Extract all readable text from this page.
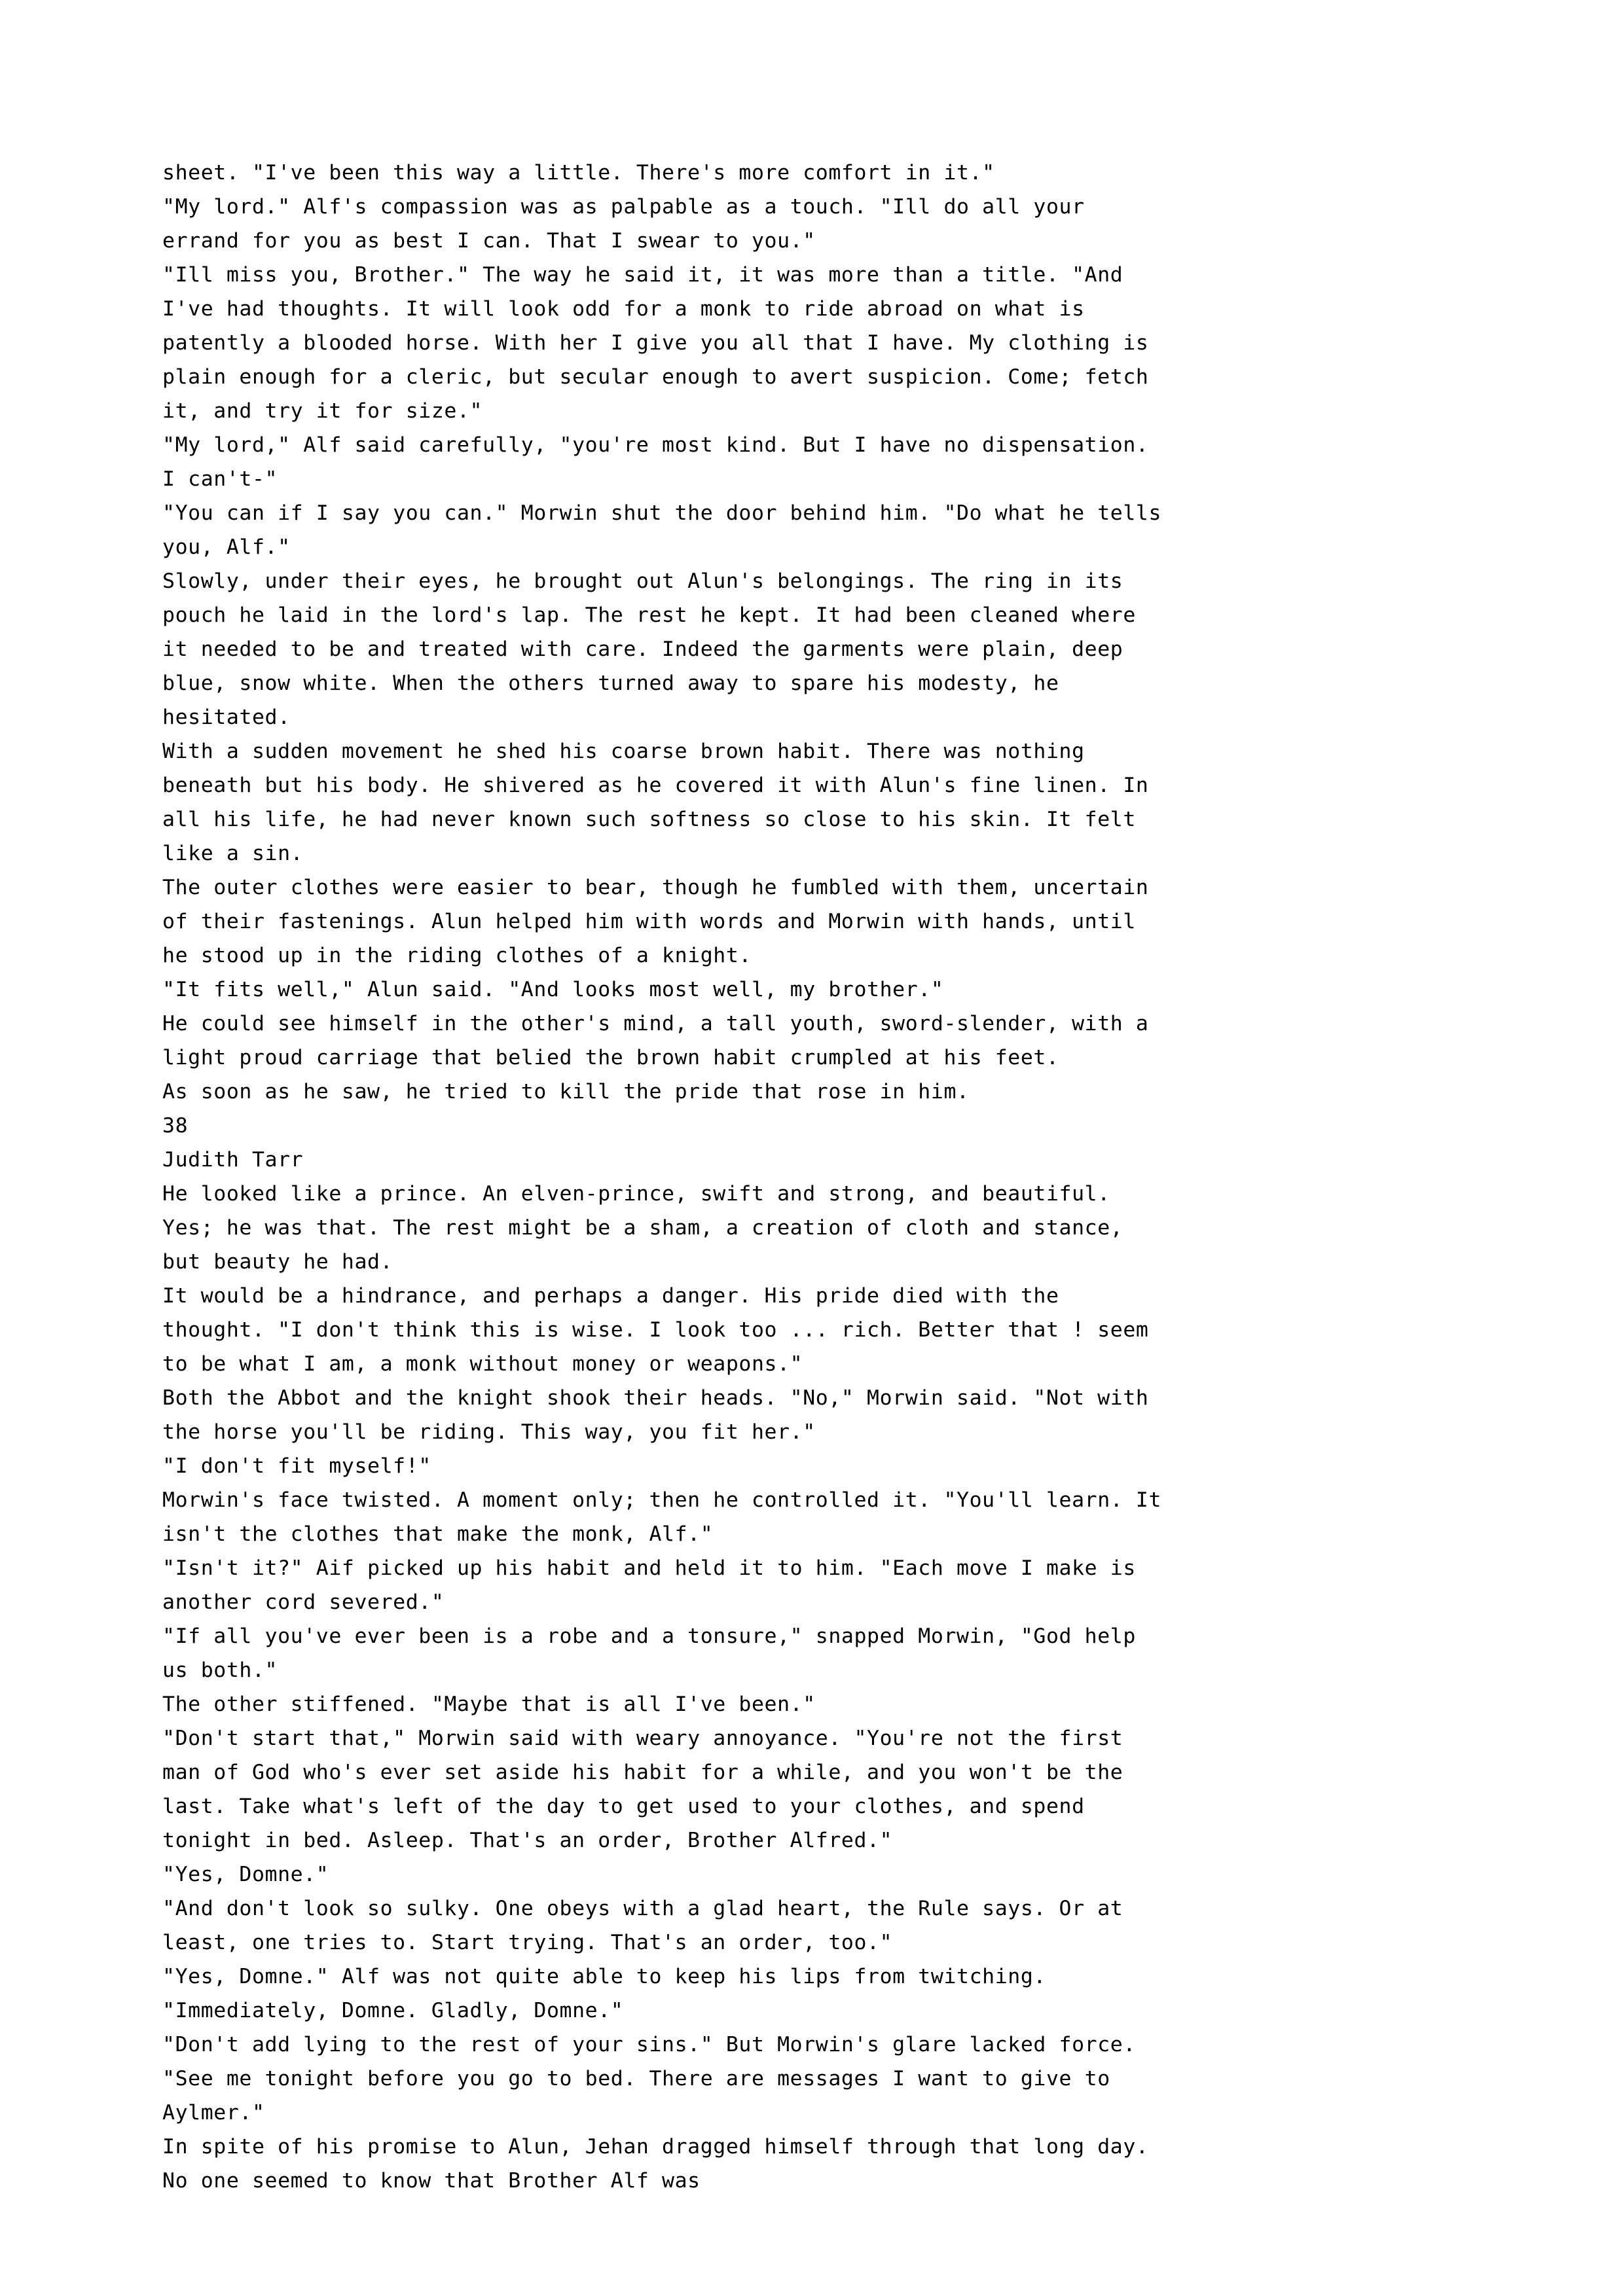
sheet. "I've been this way a little. There's more comfort in it."
"My lord." Alf's compassion was as palpable as a touch. "Ill do all your
errand for you as best I can. That I swear to you."
"Ill miss you, Brother." The way he said it, it was more than a title. "And
I've had thoughts. It will look odd for a monk to ride abroad on what is
patently a blooded horse. With her I give you all that I have. My clothing is
plain enough for a cleric, but secular enough to avert suspicion. Come; fetch
it, and try it for size."
"My lord," Alf said carefully, "you're most kind. But I have no dispensation.
I can't-"
"You can if I say you can." Morwin shut the door behind him. "Do what he tells
you, Alf."
Slowly, under their eyes, he brought out Alun's belongings. The ring in its
pouch he laid in the lord's lap. The rest he kept. It had been cleaned where
it needed to be and treated with care. Indeed the garments were plain, deep
blue, snow white. When the others turned away to spare his modesty, he
hesitated.
With a sudden movement he shed his coarse brown habit. There was nothing
beneath but his body. He shivered as he covered it with Alun's fine linen. In
all his life, he had never known such softness so close to his skin. It felt
like a sin.
The outer clothes were easier to bear, though he fumbled with them, uncertain
of their fastenings. Alun helped him with words and Morwin with hands, until
he stood up in the riding clothes of a knight.
"It fits well," Alun said. "And looks most well, my brother."
He could see himself in the other's mind, a tall youth, sword-slender, with a
light proud carriage that belied the brown habit crumpled at his feet.
As soon as he saw, he tried to kill the pride that rose in him.
38
Judith Tarr
He looked like a prince. An elven-prince, swift and strong, and beautiful.
Yes; he was that. The rest might be a sham, a creation of cloth and stance,
but beauty he had.
It would be a hindrance, and perhaps a danger. His pride died with the
thought. "I don't think this is wise. I look too ... rich. Better that ! seem
to be what I am, a monk without money or weapons."
Both the Abbot and the knight shook their heads. "No," Morwin said. "Not with
the horse you'll be riding. This way, you fit her."
"I don't fit myself!"
Morwin's face twisted. A moment only; then he controlled it. "You'll learn. It
isn't the clothes that make the monk, Alf."
"Isn't it?" Aif picked up his habit and held it to him. "Each move I make is
another cord severed."
"If all you've ever been is a robe and a tonsure," snapped Morwin, "God help
us both."
The other stiffened. "Maybe that is all I've been."
"Don't start that," Morwin said with weary annoyance. "You're not the first
man of God who's ever set aside his habit for a while, and you won't be the
last. Take what's left of the day to get used to your clothes, and spend
tonight in bed. Asleep. That's an order, Brother Alfred."
"Yes, Domne."
"And don't look so sulky. One obeys with a glad heart, the Rule says. Or at
least, one tries to. Start trying. That's an order, too."
"Yes, Domne." Alf was not quite able to keep his lips from twitching.
"Immediately, Domne. Gladly, Domne."
"Don't add lying to the rest of your sins." But Morwin's glare lacked force.
"See me tonight before you go to bed. There are messages I want to give to
Aylmer."
In spite of his promise to Alun, Jehan dragged himself through that long day.
No one seemed to know that Brother Alf was
